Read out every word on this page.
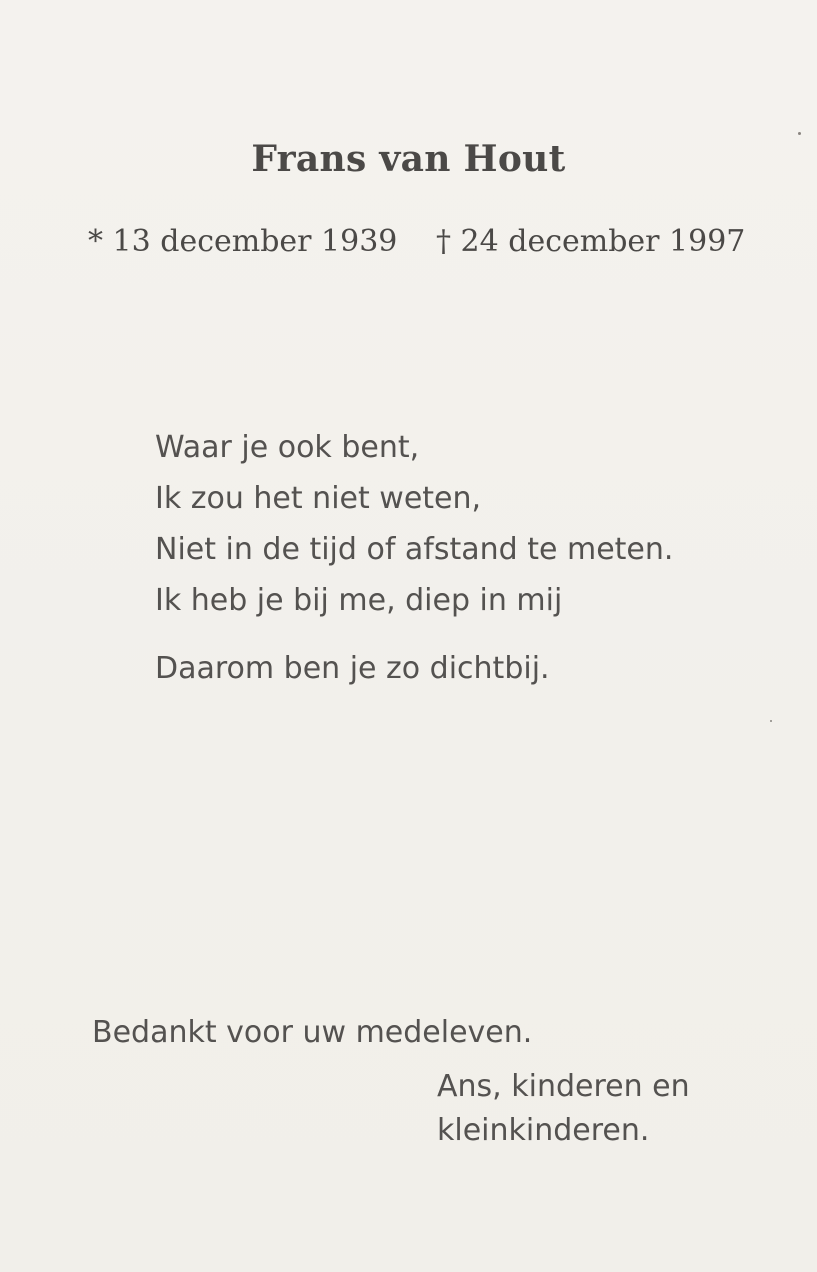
Frans van Hout
* 13 december 1939 † 24 december 1997
Waar je ook bent,
Ik zou het niet weten,
Niet in de tijd of afstand te meten.
Ik heb je bij me, diep in mij
Daarom ben je zo dichtbij.
Bedankt voor uw medeleven.
Ans, kinderen en
kleinkinderen.
